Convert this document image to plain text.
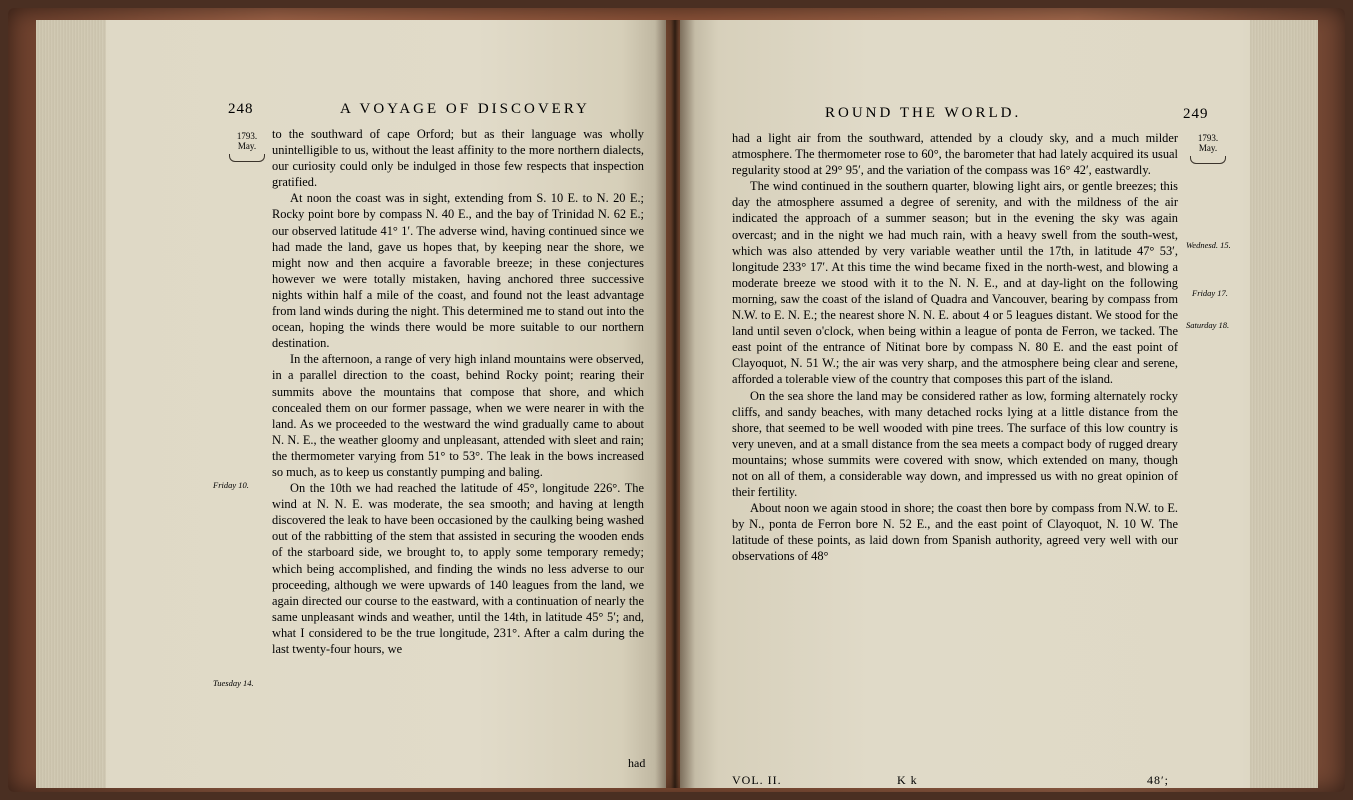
248	A VOYAGE OF DISCOVERY
1793.
May.
Friday 10.
Tuesday 14.

to the southward of cape Orford; but as their language was wholly unintelligible to us, without the least affinity to the more northern dialects, our curiosity could only be indulged in those few respects that inspection gratified.

At noon the coast was in sight, extending from S. 10 E. to N. 20 E.; Rocky point bore by compass N. 40 E., and the bay of Trinidad N. 62 E.; our observed latitude 41° 1′. The adverse wind, having continued since we had made the land, gave us hopes that, by keeping near the shore, we might now and then acquire a favorable breeze; in these conjectures however we were totally mistaken, having anchored three successive nights within half a mile of the coast, and found not the least advantage from land winds during the night. This determined me to stand out into the ocean, hoping the winds there would be more suitable to our northern destination.

In the afternoon, a range of very high inland mountains were observed, in a parallel direction to the coast, behind Rocky point; rearing their summits above the mountains that compose that shore, and which concealed them on our former passage, when we were nearer in with the land. As we proceeded to the westward the wind gradually came to about N. N. E., the weather gloomy and unpleasant, attended with sleet and rain; the thermometer varying from 51° to 53°. The leak in the bows increased so much, as to keep us constantly pumping and baling.

On the 10th we had reached the latitude of 45°, longitude 226°. The wind at N. N. E. was moderate, the sea smooth; and having at length discovered the leak to have been occasioned by the caulking being washed out of the rabbitting of the stem that assisted in securing the wooden ends of the starboard side, we brought to, to apply some temporary remedy; which being accomplished, and finding the winds no less adverse to our proceeding, although we were upwards of 140 leagues from the land, we again directed our course to the eastward, with a continuation of nearly the same unpleasant winds and weather, until the 14th, in latitude 45° 5′; and, what I considered to be the true longitude, 231°. After a calm during the last twenty-four hours, we

had
ROUND THE WORLD.	249
1793.
May.
Wednesd. 15.
Friday 17.
Saturday 18.

had a light air from the southward, attended by a cloudy sky, and a much milder atmosphere. The thermometer rose to 60°, the barometer that had lately acquired its usual regularity stood at 29° 95′, and the variation of the compass was 16° 42′, eastwardly.

The wind continued in the southern quarter, blowing light airs, or gentle breezes; this day the atmosphere assumed a degree of serenity, and with the mildness of the air indicated the approach of a summer season; but in the evening the sky was again overcast; and in the night we had much rain, with a heavy swell from the south-west, which was also attended by very variable weather until the 17th, in latitude 47° 53′, longitude 233° 17′. At this time the wind became fixed in the north-west, and blowing a moderate breeze we stood with it to the N. N. E., and at day-light on the following morning, saw the coast of the island of Quadra and Vancouver, bearing by compass from N.W. to E. N. E.; the nearest shore N. N. E. about 4 or 5 leagues distant. We stood for the land until seven o'clock, when being within a league of ponta de Ferron, we tacked. The east point of the entrance of Nitinat bore by compass N. 80 E. and the east point of Clayoquot, N. 51 W.; the air was very sharp, and the atmosphere being clear and serene, afforded a tolerable view of the country that composes this part of the island.

On the sea shore the land may be considered rather as low, forming alternately rocky cliffs, and sandy beaches, with many detached rocks lying at a little distance from the shore, that seemed to be well wooded with pine trees. The surface of this low country is very uneven, and at a small distance from the sea meets a compact body of rugged dreary mountains; whose summits were covered with snow, which extended on many, though not on all of them, a considerable way down, and impressed us with no great opinion of their fertility.

About noon we again stood in shore; the coast then bore by compass from N.W. to E. by N., ponta de Ferron bore N. 52 E., and the east point of Clayoquot, N. 10 W. The latitude of these points, as laid down from Spanish authority, agreed very well with our observations of 48°

VOL. II.	K k	48′;
